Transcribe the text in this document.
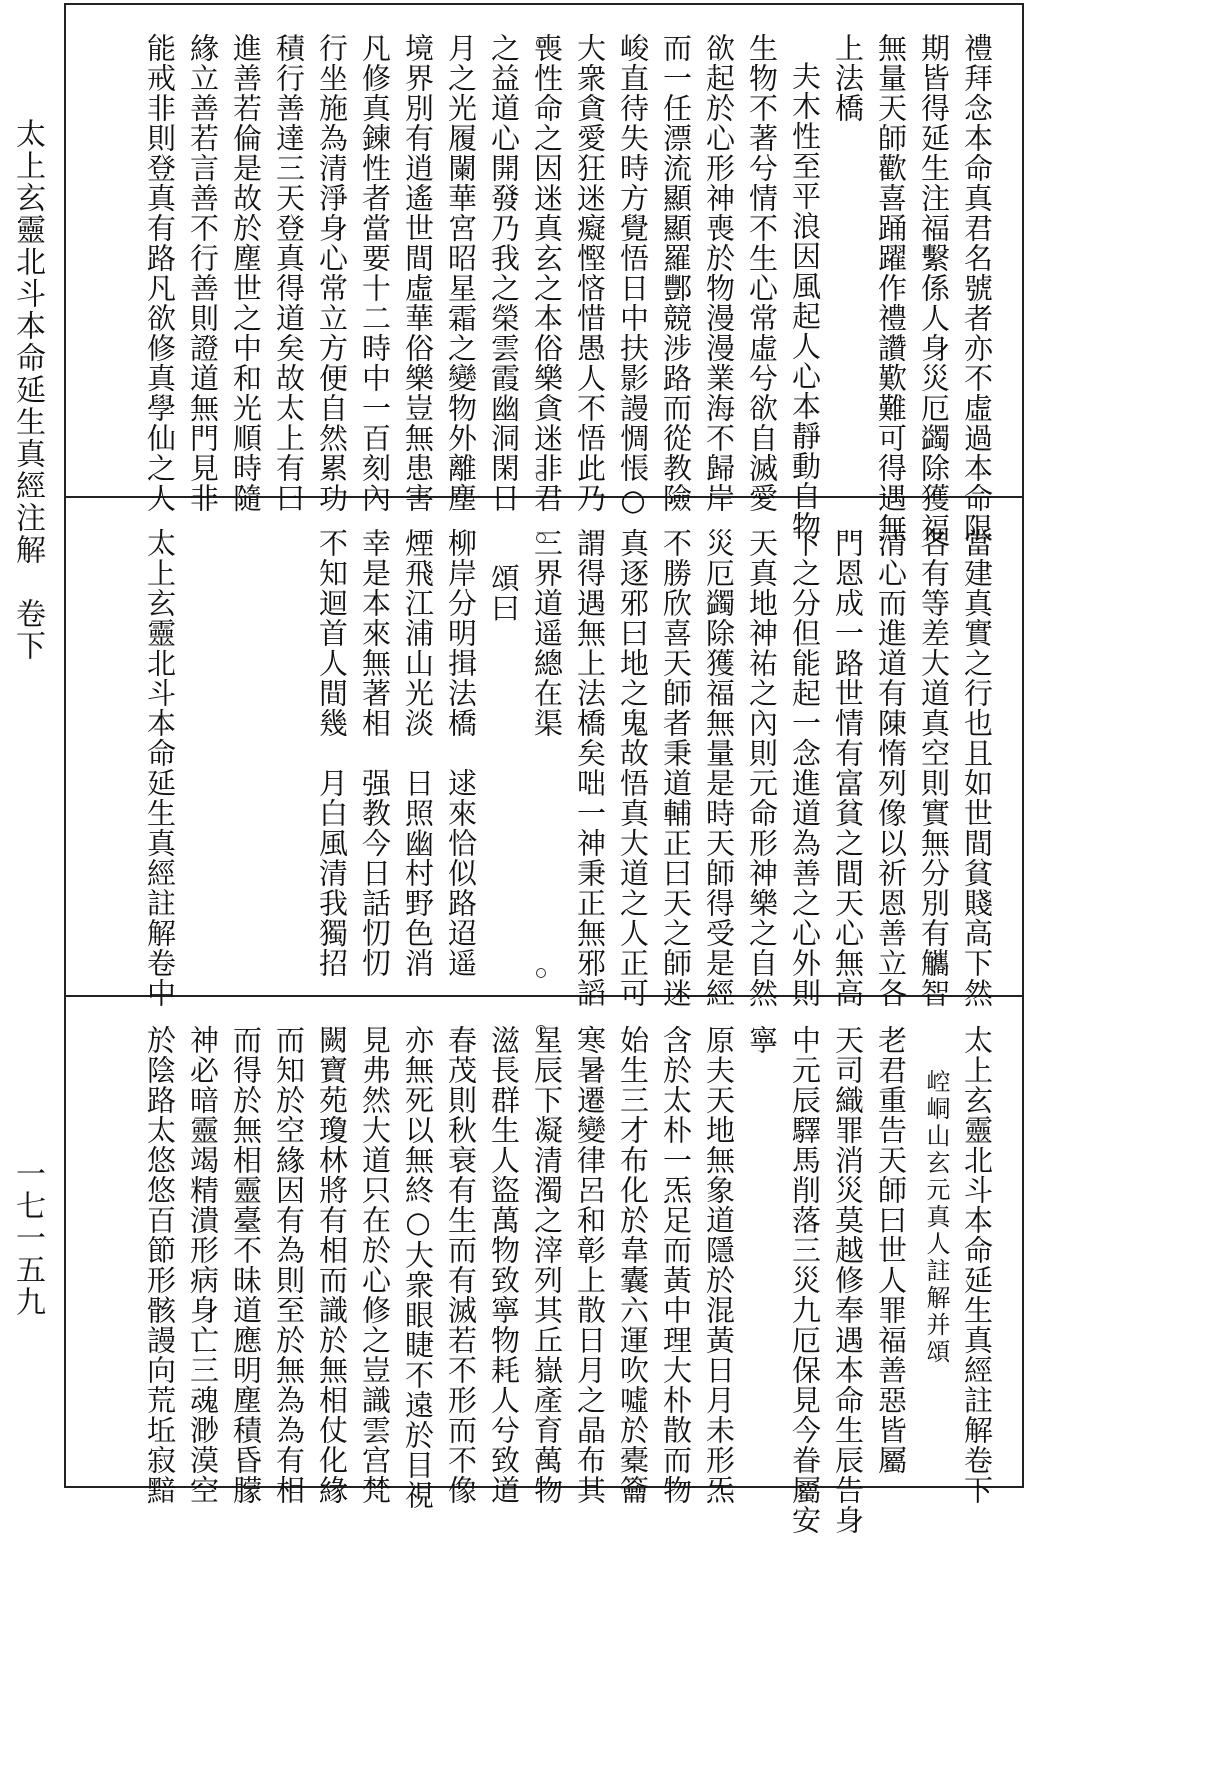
太上玄靈北斗本命延生真經注解　卷下
一七一五九
禮拜念本命真君名號者亦不虛過本命限
期皆得延生注福繫係人身災厄蠲除獲福
無量天師歡喜踊躍作禮讚歎難可得遇無
上法橋
夫木性至平浪因風起人心本靜動自物
生物不著兮情不生心常虛兮欲自滅愛
欲起於心形神喪於物漫漫業海不歸岸
而一任漂流顯顯羅酆競涉路而從教險
峻直待失時方覺悟日中扶影謾惆悵○
大衆貪愛狂迷癡慳悋惜愚人不悟此乃
喪性命之因迷真玄之本俗樂貪迷非君
之益道心開發乃我之榮雲霞幽洞閑日
月之光履闌華宮昭星霜之變物外離塵
境界別有逍遙世間虛華俗樂豈無患害
凡修真鍊性者當要十二時中一百刻內
行坐施為清淨身心常立方便自然累功
積行善達三天登真得道矣故太上有曰
進善若倫是故於塵世之中和光順時隨
緣立善若言善不行善則證道無門見非
能戒非則登真有路凡欲修真學仙之人
當建真實之行也且如世間貧賤高下然
各有等差大道真空則實無分別有觿智
清心而進道有陳惰列像以祈恩善立各
門恩成一路世情有富貧之間天心無高
下之分但能起一念進道為善之心外則
天真地神祐之內則元命形神樂之自然
災厄蠲除獲福無量是時天師得受是經
不勝欣喜天師者秉道輔正曰天之師迷
真逐邪曰地之鬼故悟真大道之人正可
謂得遇無上法橋矣咄一神秉正無邪謟
三界道遥總在渠
頌曰
柳岸分明揖法橋　逑來恰似路迢遥
煙飛江浦山光淡　日照幽村野色消
幸是本來無著相　强教今日話忉忉
不知迴首人間幾　月白風清我獨招
太上玄靈北斗本命延生真經註解卷中
太上玄靈北斗本命延生真經註解卷下
崆峒山玄元真人註解并頌
老君重告天師曰世人罪福善惡皆屬
天司織罪消災莫越修奉遇本命生辰告身
中元辰驛馬削落三災九厄保見今眷屬安
寧
原夫天地無象道隱於混黃日月未形炁
含於太朴一炁足而黃中理大朴散而物
始生三才布化於韋囊六運吹噓於橐籥
寒暑遷變律呂和彰上散日月之晶布其
星辰下凝清濁之滓列其丘嶽產育萬物
滋長群生人盜萬物致寧物耗人兮致道
春茂則秋衰有生而有滅若不形而不像
亦無死以無終○大衆眼睫不遠於目視
見弗然大道只在於心修之豈識雲宫梵
闕寶苑瓊林將有相而識於無相仗化緣
而知於空緣因有為則至於無為為有相
而得於無相靈臺不昧道應明塵積昏朦
神必暗靈竭精潰形病身亡三魂渺漠空
於陰路太悠悠百節形骸謾向荒坵寂黯
